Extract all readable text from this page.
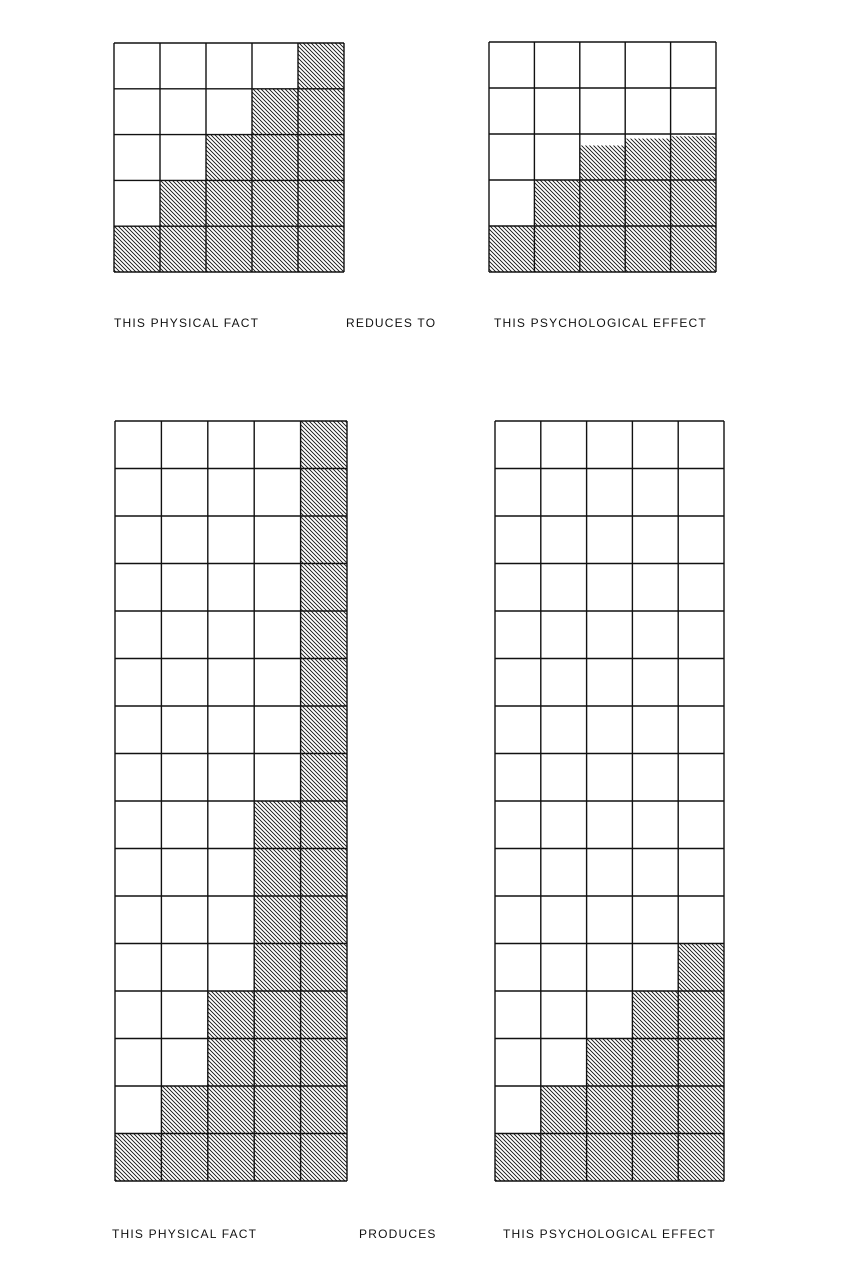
THIS PHYSICAL FACT	REDUCES TO	THIS PSYCHOLOGICAL EFFECT

THIS PHYSICAL FACT	PRODUCES	THIS PSYCHOLOGICAL EFFECT
